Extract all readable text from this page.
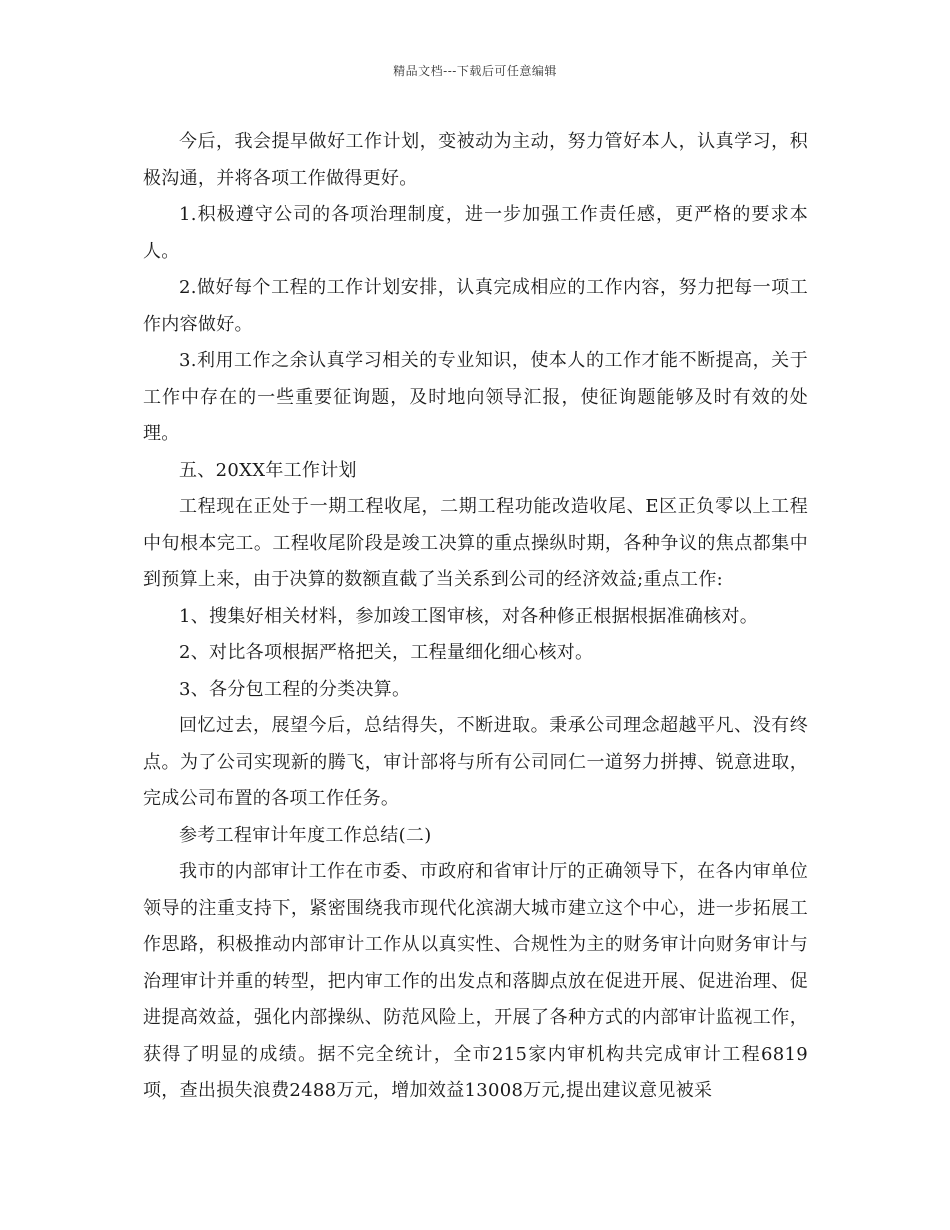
精品文档---下载后可任意编辑

今后，我会提早做好工作计划，变被动为主动，努力管好本人，认真学习，积极沟通，并将各项工作做得更好。

1.积极遵守公司的各项治理制度，进一步加强工作责任感，更严格的要求本人。

2.做好每个工程的工作计划安排，认真完成相应的工作内容，努力把每一项工作内容做好。

3.利用工作之余认真学习相关的专业知识，使本人的工作才能不断提高，关于工作中存在的一些重要征询题，及时地向领导汇报，使征询题能够及时有效的处理。

五、20XX年工作计划

工程现在正处于一期工程收尾，二期工程功能改造收尾、E区正负零以上工程中旬根本完工。工程收尾阶段是竣工决算的重点操纵时期，各种争议的焦点都集中到预算上来，由于决算的数额直截了当关系到公司的经济效益;重点工作:

1、搜集好相关材料，参加竣工图审核，对各种修正根据根据准确核对。

2、对比各项根据严格把关，工程量细化细心核对。

3、各分包工程的分类决算。

回忆过去，展望今后，总结得失，不断进取。秉承公司理念超越平凡、没有终点。为了公司实现新的腾飞，审计部将与所有公司同仁一道努力拼搏、锐意进取，完成公司布置的各项工作任务。

参考工程审计年度工作总结(二)

我市的内部审计工作在市委、市政府和省审计厅的正确领导下，在各内审单位领导的注重支持下，紧密围绕我市现代化滨湖大城市建立这个中心，进一步拓展工作思路，积极推动内部审计工作从以真实性、合规性为主的财务审计向财务审计与治理审计并重的转型，把内审工作的出发点和落脚点放在促进开展、促进治理、促进提高效益，强化内部操纵、防范风险上，开展了各种方式的内部审计监视工作，获得了明显的成绩。据不完全统计，全市215家内审机构共完成审计工程6819项，查出损失浪费2488万元，增加效益13008万元,提出建议意见被采
